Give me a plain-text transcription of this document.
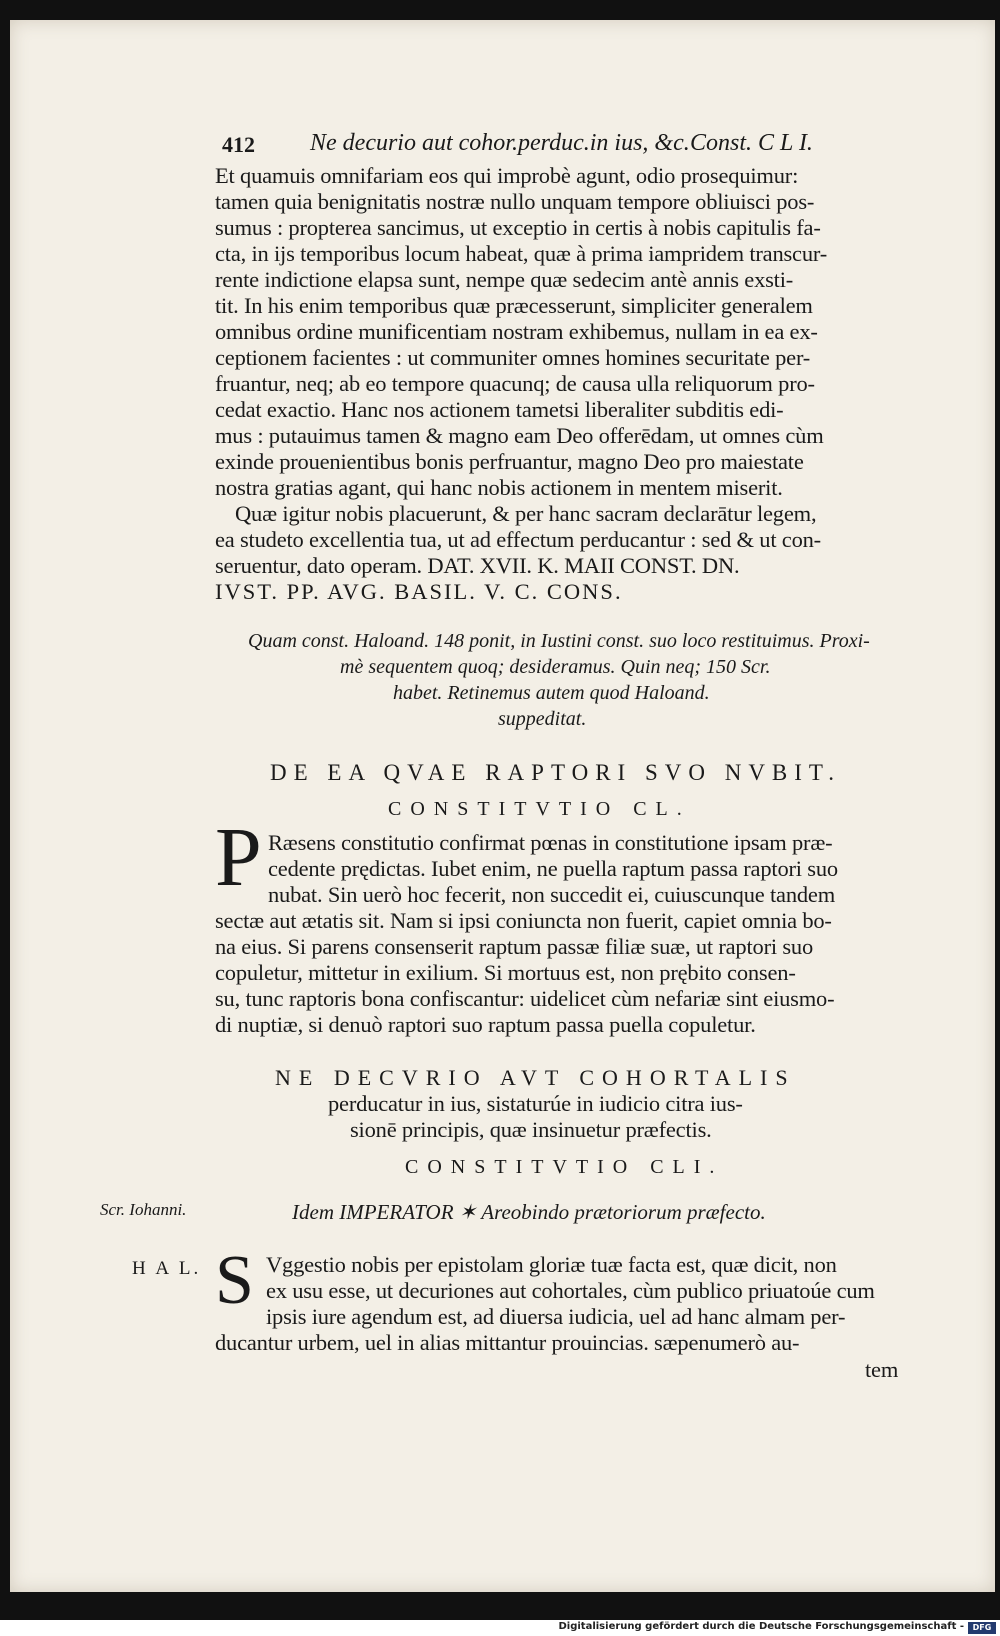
412 Ne decurio aut cohor.perduc.in ius, &c. Const. C L I.
Et quamuis omnifariam eos qui improbè agunt, odio prosequimur:
tamen quia benignitatis nostræ nullo unquam tempore obliuisci pos-
sumus : propterea sancimus, ut exceptio in certis à nobis capitulis fa-
cta, in ijs temporibus locum habeat, quæ à prima iampridem transcur-
rente indictione elapsa sunt, nempe quæ sedecim antè annis exsti-
tit. In his enim temporibus quæ præcesserunt, simpliciter generalem
omnibus ordine munificentiam nostram exhibemus, nullam in ea ex-
ceptionem facientes : ut communiter omnes homines securitate per-
fruantur, neq; ab eo tempore quacunq; de causa ulla reliquorum pro-
cedat exactio. Hanc nos actionem tametsi liberaliter subditis edi-
mus : putauimus tamen & magno eam Deo offerēdam, ut omnes cùm
exinde prouenientibus bonis perfruantur, magno Deo pro maiestate
nostra gratias agant, qui hanc nobis actionem in mentem miserit.
Quæ igitur nobis placuerunt, & per hanc sacram declarātur legem,
ea studeto excellentia tua, ut ad effectum perducantur : sed & ut con-
seruentur, dato operam. DAT. XVII. K. MAII CONST. DN.
IVST. PP. AVG. BASIL. V. C. CONS.
Quam const. Haloand. 148 ponit, in Iustini const. suo loco restituimus. Proxi-
mè sequentem quoq; desideramus. Quin neq; 150 Scr.
habet. Retinemus autem quod Haloand.
suppeditat.
DE EA QVAE RAPTORI SVO NVBIT.
CONSTITVTIO CL.
P Ræsens constitutio confirmat pœnas in constitutione ipsam præ-
cedente prędictas. Iubet enim, ne puella raptum passa raptori suo
nubat. Sin uerò hoc fecerit, non succedit ei, cuiuscunque tandem
sectæ aut ætatis sit. Nam si ipsi coniuncta non fuerit, capiet omnia bo-
na eius. Si parens consenserit raptum passæ filiæ suæ, ut raptori suo
copuletur, mittetur in exilium. Si mortuus est, non prębito consen-
su, tunc raptoris bona confiscantur: uidelicet cùm nefariæ sint eiusmo-
di nuptiæ, si denuò raptori suo raptum passa puella copuletur.
NE DECVRIO AVT COHORTALIS
perducatur in ius, sistaturúe in iudicio citra ius-
sionē principis, quæ insinuetur præfectis.
CONSTITVTIO CLI.
Scr. Iohanni.	Idem IMPERATOR ✶ Areobindo prætoriorum præfecto.
H A L. S Vggestio nobis per epistolam gloriæ tuæ facta est, quæ dicit, non
ex usu esse, ut decuriones aut cohortales, cùm publico priuatoúe cum
ipsis iure agendum est, ad diuersa iudicia, uel ad hanc almam per-
ducantur urbem, uel in alias mittantur prouincias. sæpenumerò au-
tem
Digitalisierung gefördert durch die Deutsche Forschungsgemeinschaft -	DFG
